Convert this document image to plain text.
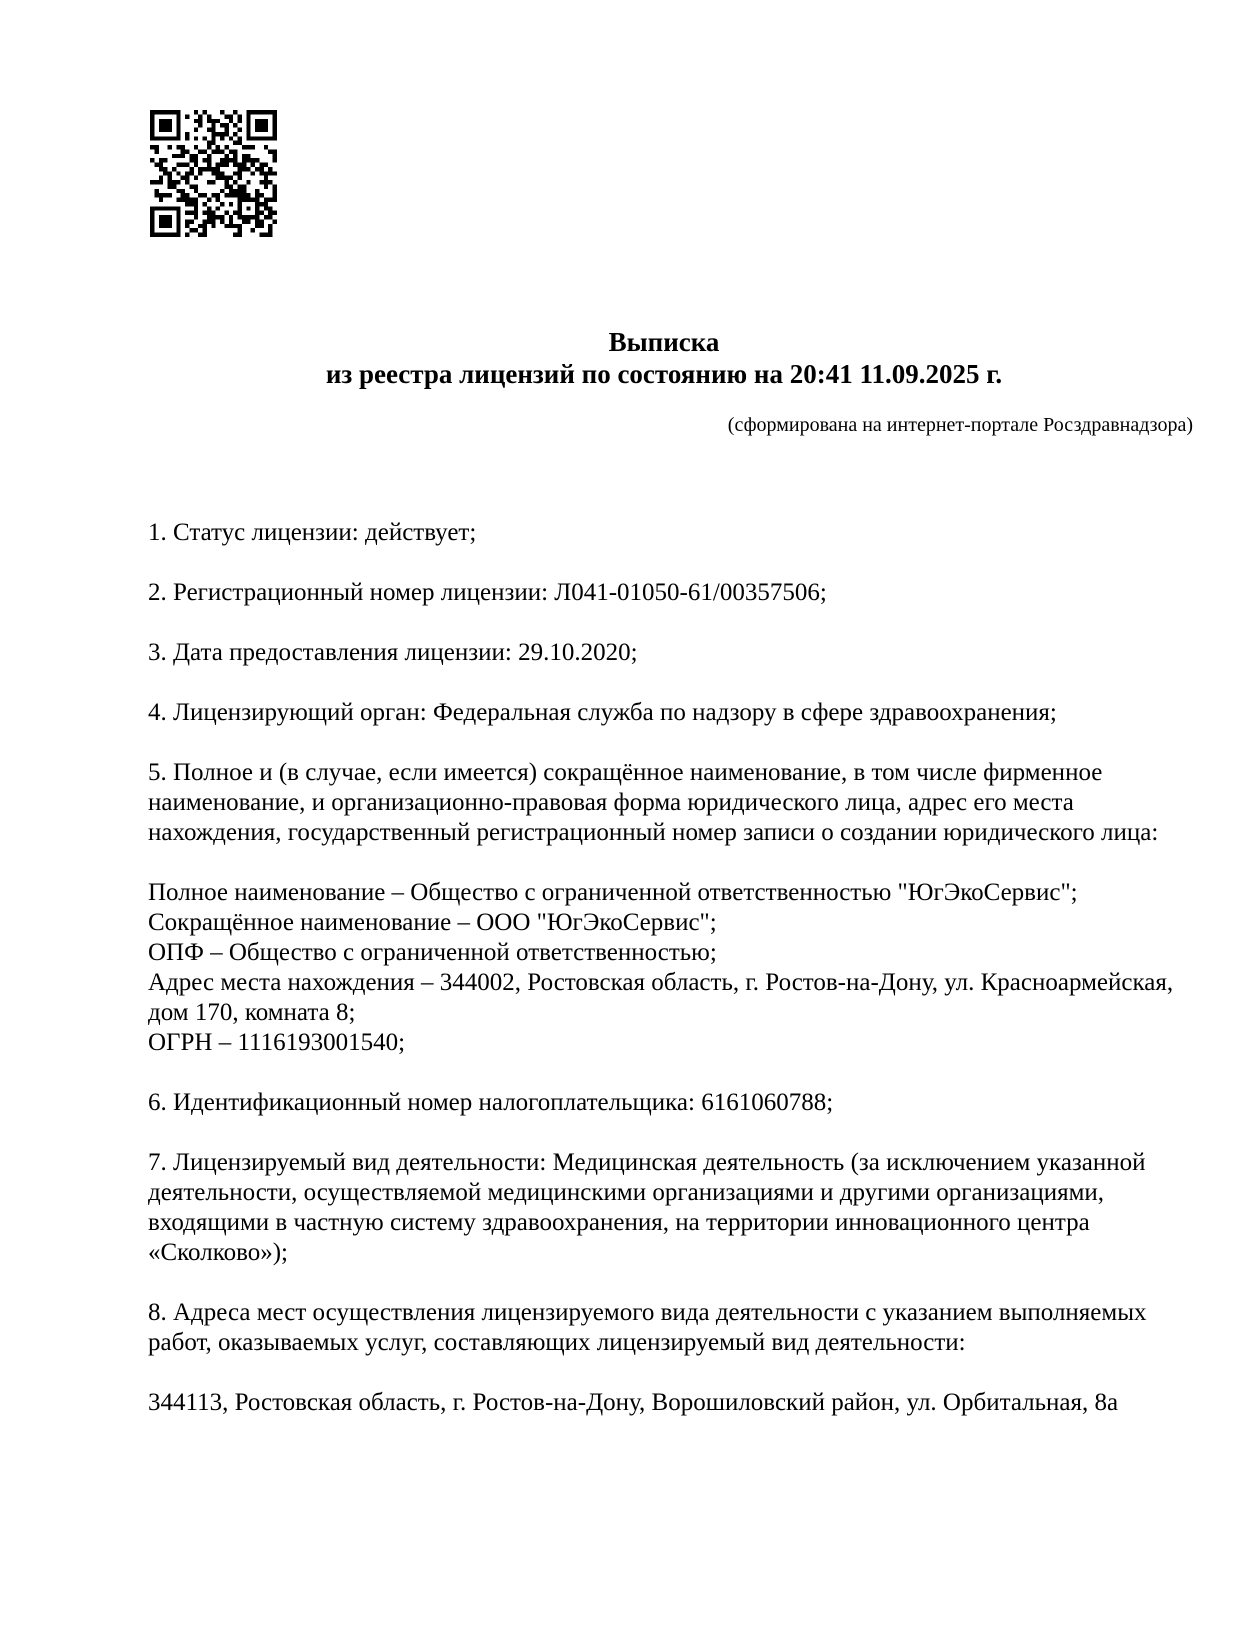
Выписка
из реестра лицензий по состоянию на 20:41 11.09.2025 г.
(сформирована на интернет-портале Росздравнадзора)
1. Статус лицензии: действует;
2. Регистрационный номер лицензии: Л041-01050-61/00357506;
3. Дата предоставления лицензии: 29.10.2020;
4. Лицензирующий орган: Федеральная служба по надзору в сфере здравоохранения;
5. Полное и (в случае, если имеется) сокращённое наименование, в том числе фирменное наименование, и организационно-правовая форма юридического лица, адрес его места нахождения, государственный регистрационный номер записи о создании юридического лица:
Полное наименование – Общество с ограниченной ответственностью "ЮгЭкоСервис";
Сокращённое наименование – ООО "ЮгЭкоСервис";
ОПФ – Общество с ограниченной ответственностью;
Адрес места нахождения – 344002, Ростовская область, г. Ростов-на-Дону, ул. Красноармейская, дом 170, комната 8;
ОГРН – 1116193001540;
6. Идентификационный номер налогоплательщика: 6161060788;
7. Лицензируемый вид деятельности: Медицинская деятельность (за исключением указанной деятельности, осуществляемой медицинскими организациями и другими организациями, входящими в частную систему здравоохранения, на территории инновационного центра «Сколково»);
8. Адреса мест осуществления лицензируемого вида деятельности с указанием выполняемых работ, оказываемых услуг, составляющих лицензируемый вид деятельности:
344113, Ростовская область, г. Ростов-на-Дону, Ворошиловский район, ул. Орбитальная, 8а
